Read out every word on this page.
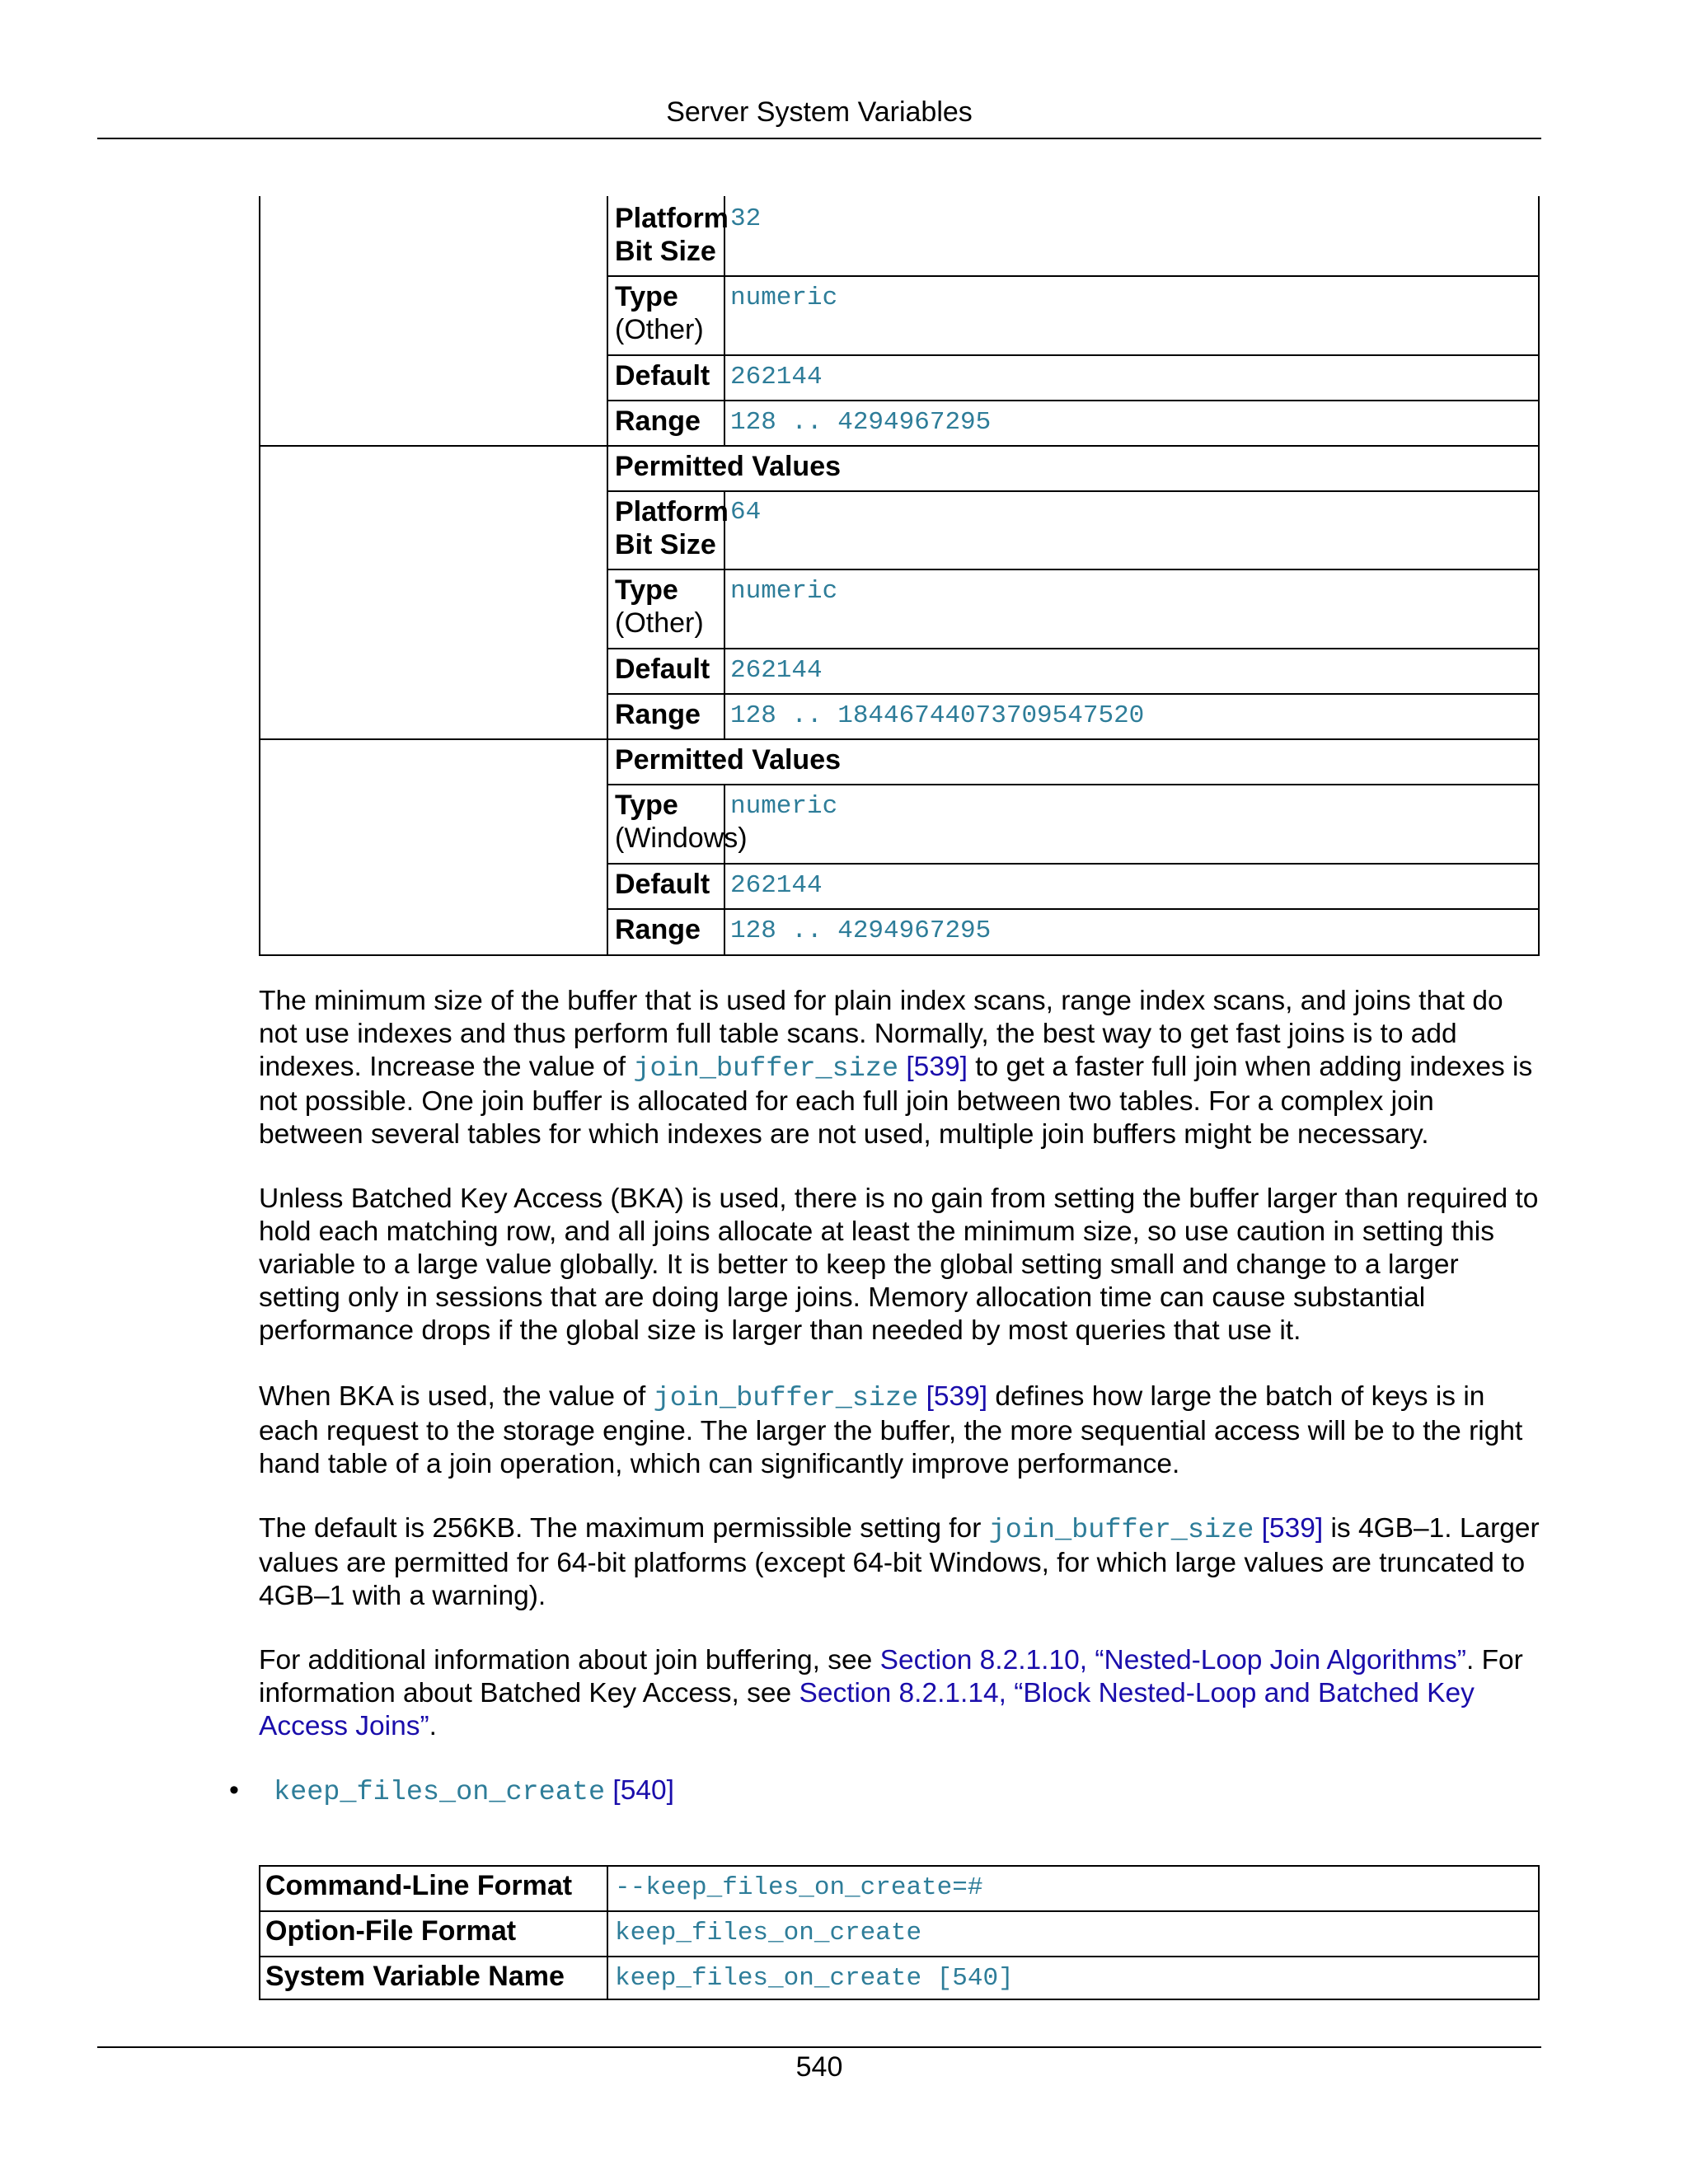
Server System Variables
Platform
Bit Size
32
Type
(Other)
numeric
Default 262144
Range 128 .. 4294967295
Permitted Values
Platform
Bit Size
64
Type
(Other)
numeric
Default 262144
Range 128 .. 18446744073709547520
Permitted Values
Type
(Windows)
numeric
Default 262144
Range 128 .. 4294967295
The minimum size of the buffer that is used for plain index scans, range index scans, and joins that do not use indexes and thus perform full table scans. Normally, the best way to get fast joins is to add indexes. Increase the value of join_buffer_size [539] to get a faster full join when adding indexes is not possible. One join buffer is allocated for each full join between two tables. For a complex join between several tables for which indexes are not used, multiple join buffers might be necessary.
Unless Batched Key Access (BKA) is used, there is no gain from setting the buffer larger than required to hold each matching row, and all joins allocate at least the minimum size, so use caution in setting this variable to a large value globally. It is better to keep the global setting small and change to a larger setting only in sessions that are doing large joins. Memory allocation time can cause substantial performance drops if the global size is larger than needed by most queries that use it.
When BKA is used, the value of join_buffer_size [539] defines how large the batch of keys is in each request to the storage engine. The larger the buffer, the more sequential access will be to the right hand table of a join operation, which can significantly improve performance.
The default is 256KB. The maximum permissible setting for join_buffer_size [539] is 4GB–1. Larger values are permitted for 64-bit platforms (except 64-bit Windows, for which large values are truncated to 4GB–1 with a warning).
For additional information about join buffering, see Section 8.2.1.10, “Nested-Loop Join Algorithms”. For information about Batched Key Access, see Section 8.2.1.14, “Block Nested-Loop and Batched Key Access Joins”.
• keep_files_on_create [540]
Command-Line Format --keep_files_on_create=#
Option-File Format	keep_files_on_create
System Variable Name keep_files_on_create [540]
540
